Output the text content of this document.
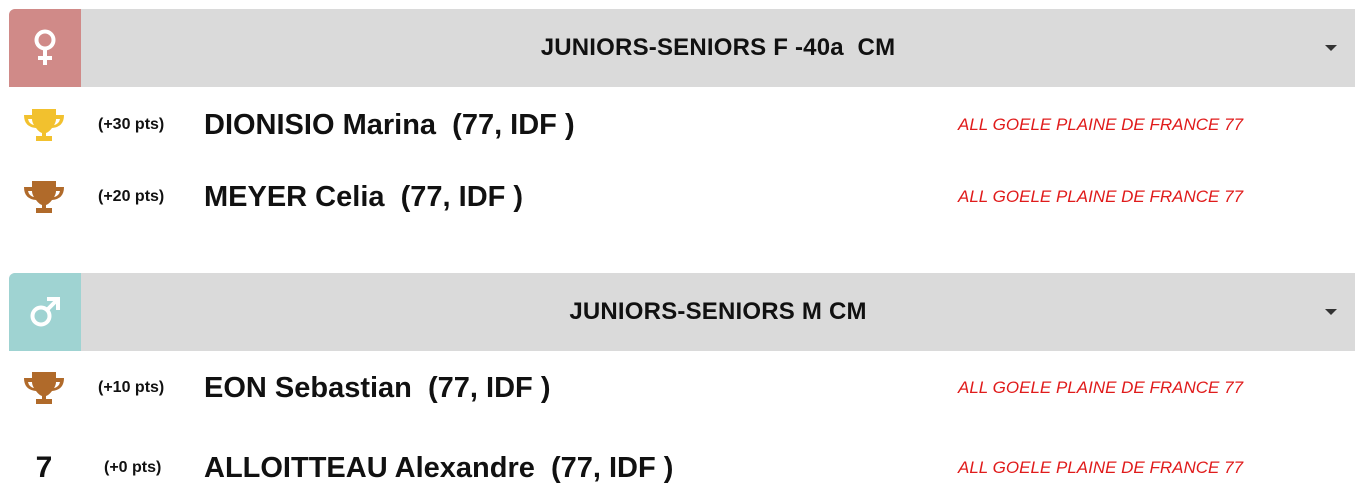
JUNIORS-SENIORS F -40a  CM
(+30 pts) DIONISIO Marina  (77, IDF )	ALL GOELE PLAINE DE FRANCE 77
(+20 pts) MEYER Celia  (77, IDF )	ALL GOELE PLAINE DE FRANCE 77
JUNIORS-SENIORS M CM
(+10 pts) EON Sebastian  (77, IDF )	ALL GOELE PLAINE DE FRANCE 77
7	(+0 pts) ALLOITTEAU Alexandre  (77, IDF )	ALL GOELE PLAINE DE FRANCE 77
